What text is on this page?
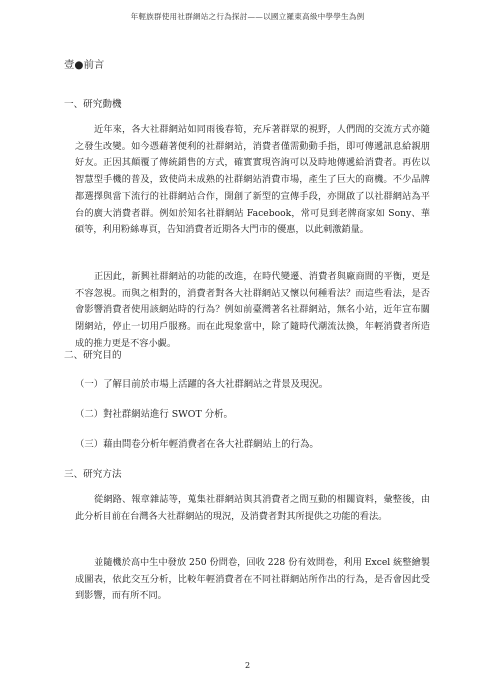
年輕族群使用社群網站之行為探討——以國立羅東高級中學學生為例
壹●前言
一、研究動機

近年來，各大社群網站如同雨後春筍，充斥著群眾的視野，人們間的交流方式亦隨之發生改變。如今憑藉著便利的社群網站，消費者僅需動動手指，即可傳遞訊息給親朋好友。正因其顛覆了傳統銷售的方式，確實實現咨詢可以及時地傳遞給消費者。再佐以智慧型手機的普及，致使尚未成熟的社群網站消費市場，產生了巨大的商機。不少品牌都選擇與當下流行的社群網站合作，開創了新型的宣傳手段，亦開啟了以社群網站為平台的廣大消費者群。例如於知名社群網站 Facebook，常可見到老牌商家如 Sony、華碩等，利用粉絲專頁，告知消費者近期各大門市的優惠，以此刺激銷量。

正因此，新興社群網站的功能的改進，在時代變遷、消費者與廠商間的平衡，更是不容忽視。而與之相對的，消費者對各大社群網站又懷以何種看法？而這些看法，是否會影響消費者使用該網站時的行為？例如前臺灣著名社群網站，無名小站，近年宣布關閉網站，停止一切用戶服務。而在此現象當中，除了隨時代潮流汰換，年輕消費者所造成的推力更是不容小覷。

二、研究目的
（一）了解目前於市場上活躍的各大社群網站之背景及現況。
（二）對社群網站進行 SWOT 分析。
（三）藉由問卷分析年輕消費者在各大社群網站上的行為。
三、研究方法

從網路、報章雜誌等，蒐集社群網站與其消費者之間互動的相關資料，彙整後，由此分析目前在台灣各大社群網站的現況，及消費者對其所提供之功能的看法。

並隨機於高中生中發放 250 份問卷，回收 228 份有效問卷，利用 Excel 統整繪製成圖表，依此交互分析，比較年輕消費者在不同社群網站所作出的行為，是否會因此受到影響，而有所不同。

2
